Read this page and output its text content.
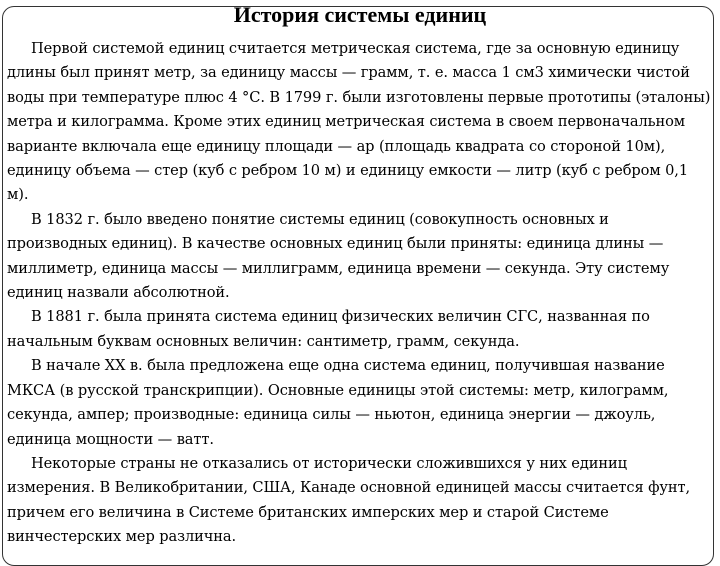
История системы единиц

Первой системой единиц считается метрическая система, где за основную единицу длины был принят метр, за единицу массы — грамм, т. е. масса 1 см3 химически чистой воды при температуре плюс 4 °С. В 1799 г. были изготовлены первые прототипы (эталоны) метра и килограмма. Кроме этих единиц метрическая система в своем первоначальном варианте включала еще единицу площади — ар (площадь квадрата со стороной 10м), единицу объема — стер (куб с ребром 10 м) и единицу емкости — литр (куб с ребром 0,1 м).

В 1832 г. было введено понятие системы единиц (совокупность основных и производных единиц). В качестве основных единиц были приняты: единица длины — миллиметр, единица массы — миллиграмм, единица времени — секунда. Эту систему единиц назвали абсолютной.

В 1881 г. была принята система единиц физических величин СГС, названная по начальным буквам основных величин: сантиметр, грамм, секунда.

В начале XX в. была предложена еще одна система единиц, получившая название МКСА (в русской транскрипции). Основные единицы этой системы: метр, килограмм, секунда, ампер; производные: единица силы — ньютон, единица энергии — джоуль, единица мощности — ватт.

Некоторые страны не отказались от исторически сложившихся у них единиц измерения. В Великобритании, США, Канаде основной единицей массы считается фунт, причем его величина в Системе британских имперских мер и старой Системе винчестерских мер различна.
